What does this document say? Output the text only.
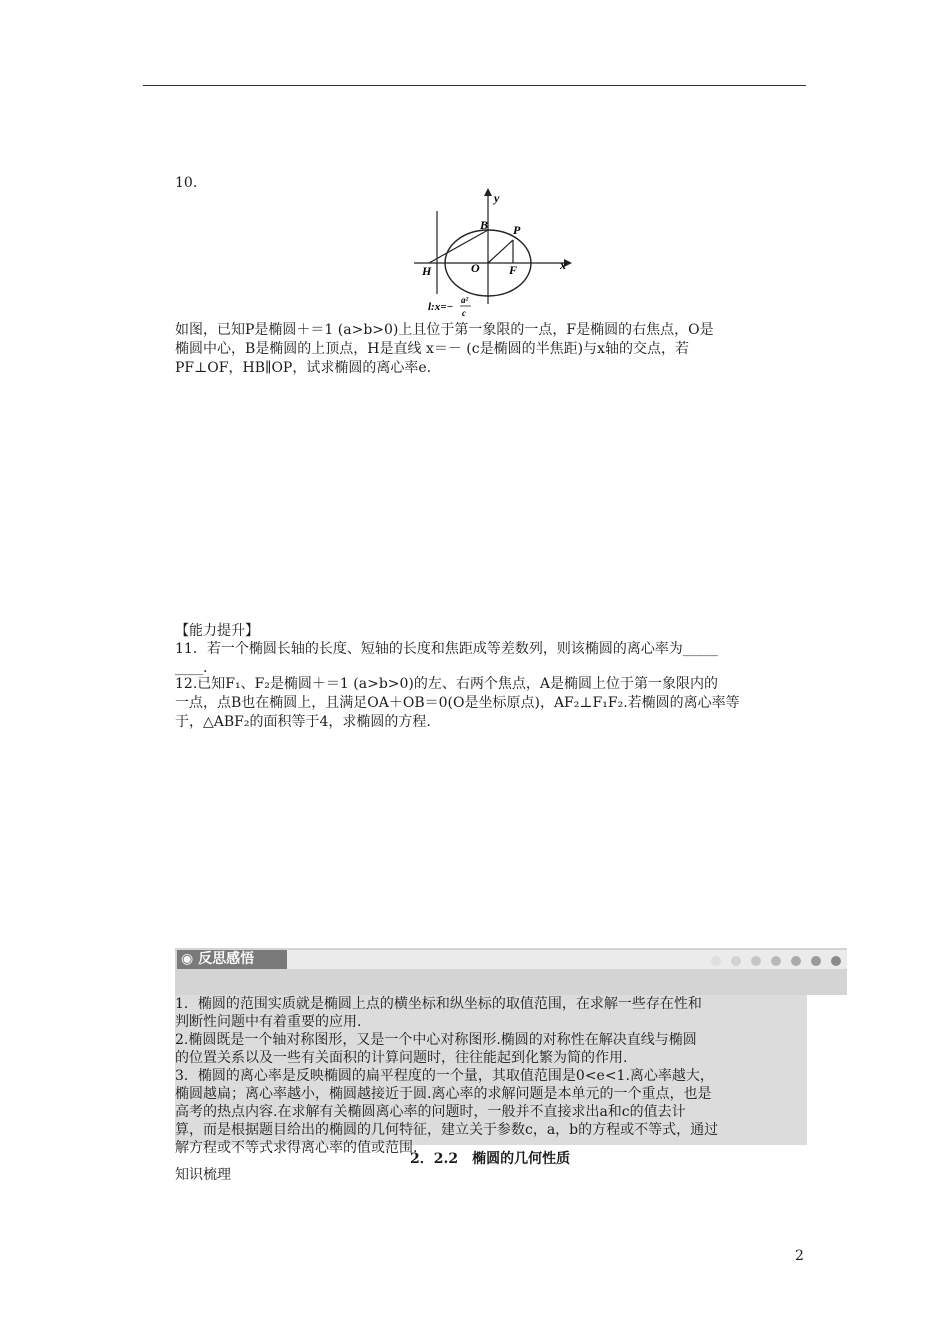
10.
y
x
B P
O F
H
l:x=−
a²
c

如图，已知P是椭圆＋＝1 (a>b>0)上且位于第一象限的一点，F是椭圆的右焦点，O是

椭圆中心，B是椭圆的上顶点，H是直线 x＝－ (c是椭圆的半焦距)与x轴的交点，若

PF⊥OF，HB∥OP，试求椭圆的离心率e.

【能力提升】

11．若一个椭圆长轴的长度、短轴的长度和焦距成等差数列，则该椭圆的离心率为_____

____.

12.已知F₁、F₂是椭圆＋＝1 (a>b>0)的左、右两个焦点，A是椭圆上位于第一象限内的

一点，点B也在椭圆上，且满足OA＋OB＝0(O是坐标原点)，AF₂⊥F₁F₂.若椭圆的离心率等

于，△ABF₂的面积等于4，求椭圆的方程.

◉ 反思感悟

1．椭圆的范围实质就是椭圆上点的横坐标和纵坐标的取值范围，在求解一些存在性和

判断性问题中有着重要的应用.

2.椭圆既是一个轴对称图形，又是一个中心对称图形.椭圆的对称性在解决直线与椭圆

的位置关系以及一些有关面积的计算问题时，往往能起到化繁为简的作用.

3．椭圆的离心率是反映椭圆的扁平程度的一个量，其取值范围是0<e<1.离心率越大，

椭圆越扁；离心率越小，椭圆越接近于圆.离心率的求解问题是本单元的一个重点，也是

高考的热点内容.在求解有关椭圆离心率的问题时，一般并不直接求出a和c的值去计

算，而是根据题目给出的椭圆的几何特征，建立关于参数c，a，b的方程或不等式，通过

解方程或不等式求得离心率的值或范围.

2．2.2　椭圆的几何性质
知识梳理
2
